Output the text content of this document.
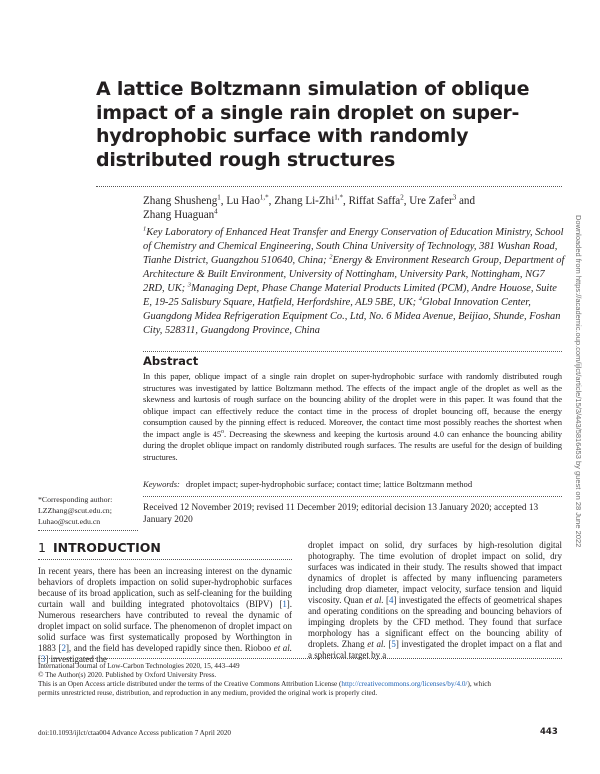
A lattice Boltzmann simulation of oblique impact of a single rain droplet on super-hydrophobic surface with randomly distributed rough structures
Zhang Shusheng$^1$, Lu Hao$^{1,*}$, Zhang Li-Zhi$^{1,*}$, Riffat Saffa$^2$, Ure Zafer$^3$ and
Zhang Huaguan$^4$
$^1$Key Laboratory of Enhanced Heat Transfer and Energy Conservation of Education Ministry, School of Chemistry and Chemical Engineering, South China University of Technology, 381 Wushan Road, Tianhe District, Guangzhou 510640, China; $^2$Energy & Environment Research Group, Department of Architecture & Built Environment, University of Nottingham, University Park, Nottingham, NG7 2RD, UK; $^3$Managing Dept, Phase Change Material Products Limited (PCM), Andre Houose, Suite E, 19-25 Salisbury Square, Hatfield, Herfordshire, AL9 5BE, UK; $^4$Global Innovation Center, Guangdong Midea Refrigeration Equipment Co., Ltd, No. 6 Midea Avenue, Beijiao, Shunde, Foshan City, 528311, Guangdong Province, China
Abstract
In this paper, oblique impact of a single rain droplet on super-hydrophobic surface with randomly distributed rough structures was investigated by lattice Boltzmann method. The effects of the impact angle of the droplet as well as the skewness and kurtosis of rough surface on the bouncing ability of the droplet were in this paper. It was found that the oblique impact can effectively reduce the contact time in the process of droplet bouncing off, because the energy consumption caused by the pinning effect is reduced. Moreover, the contact time most possibly reaches the shortest when the impact angle is 45$^o$. Decreasing the skewness and keeping the kurtosis around 4.0 can enhance the bouncing ability during the droplet oblique impact on randomly distributed rough surfaces. The results are useful for the design of building structures.
Keywords: droplet impact; super-hydrophobic surface; contact time; lattice Boltzmann method
*Corresponding author:
LZZhang@scut.edu.cn;
Luhao@scut.edu.cn
Received 12 November 2019; revised 11 December 2019; editorial decision 13 January 2020; accepted 13 January 2020
1 INTRODUCTION
In recent years, there has been an increasing interest on the dynamic behaviors of droplets impaction on solid super-hydrophobic surfaces because of its broad application, such as self-cleaning for the building curtain wall and building integrated photovoltaics (BIPV) [1]. Numerous researchers have contributed to reveal the dynamic of droplet impact on solid surface. The phenomenon of droplet impact on solid surface was first systematically proposed by Worthington in 1883 [2], and the field has developed rapidly since then. Rioboo et al. [3] investigated the
droplet impact on solid, dry surfaces by high-resolution digital photography. The time evolution of droplet impact on solid, dry surfaces was indicated in their study. The results showed that impact dynamics of droplet is affected by many influencing parameters including drop diameter, impact velocity, surface tension and liquid viscosity. Quan et al. [4] investigated the effects of geometrical shapes and operating conditions on the spreading and bouncing behaviors of impinging droplets by the CFD method. They found that surface morphology has a significant effect on the bouncing ability of droplets. Zhang et al. [5] investigated the droplet impact on a flat and a spherical target by a
International Journal of Low-Carbon Technologies 2020, 15, 443–449
© The Author(s) 2020. Published by Oxford University Press.
This is an Open Access article distributed under the terms of the Creative Commons Attribution License (http://creativecommons.org/licenses/by/4.0/), which
permits unrestricted reuse, distribution, and reproduction in any medium, provided the original work is properly cited.
doi:10.1093/ijlct/ctaa004 Advance Access publication 7 April 2020	443
Downloaded from https://academic.oup.com/ijlct/article/15/3/443/5816453 by guest on 28 June 2022
